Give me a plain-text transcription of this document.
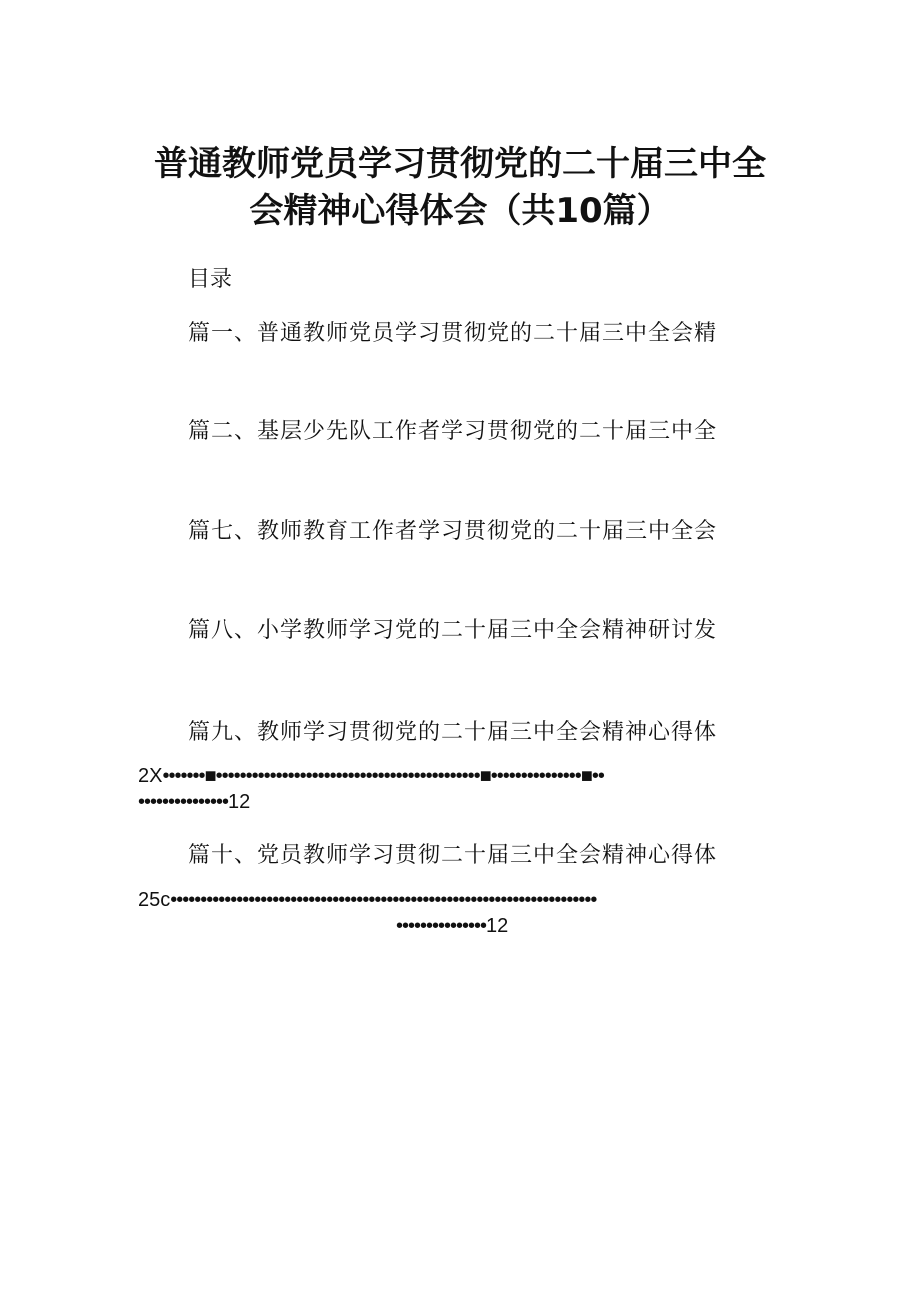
普通教师党员学习贯彻党的二十届三中全
会精神心得体会（共10篇）
目录
篇一、普通教师党员学习贯彻党的二十届三中全会精
篇二、基层少先队工作者学习贯彻党的二十届三中全
篇七、教师教育工作者学习贯彻党的二十届三中全会
篇八、小学教师学习党的二十届三中全会精神研讨发
篇九、教师学习贯彻党的二十届三中全会精神心得体
2X•••••••■••••••••••••••••••••••••••••••••••••••••••••■•••••••••••••••■••
•••••••••••••••12
篇十、党员教师学习贯彻二十届三中全会精神心得体
25c•••••••••••••••••••••••••••••••••••••••••••••••••••••••••••••••••••••••
•••••••••••••••12
